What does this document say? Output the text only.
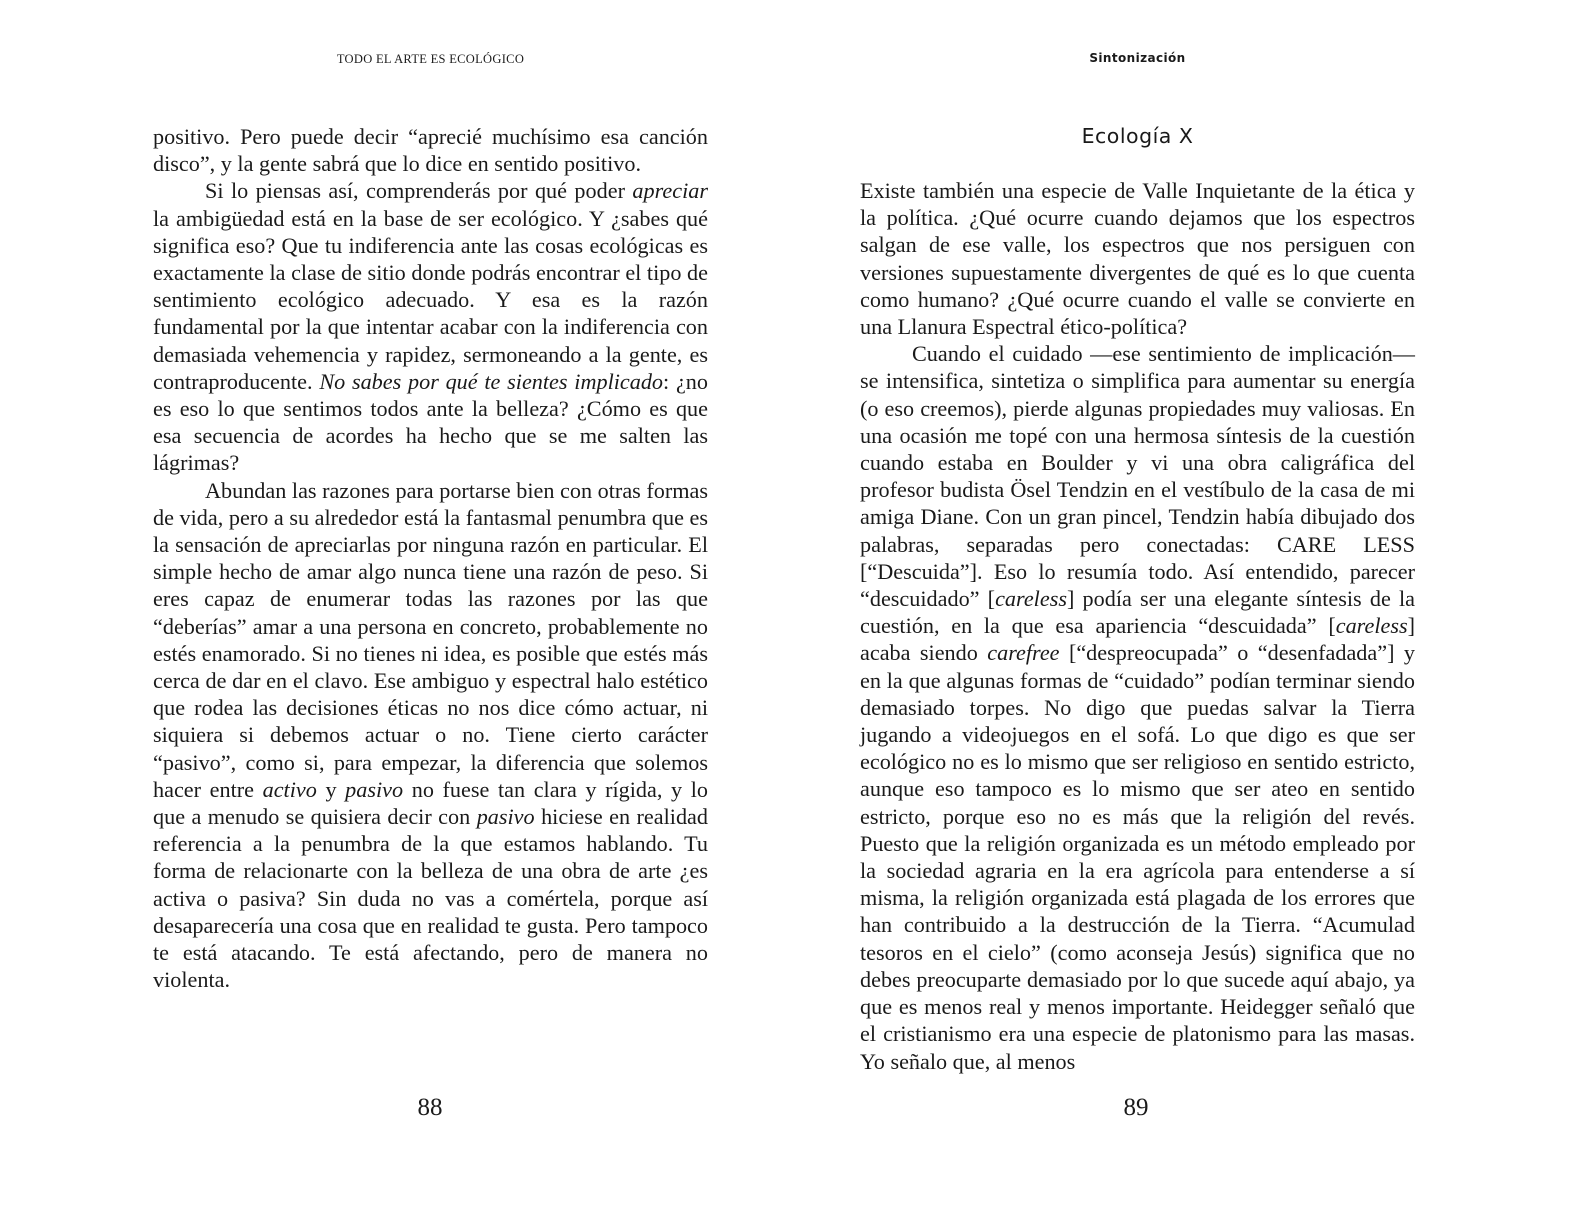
TODO EL ARTE ES ECOLÓGICO

positivo. Pero puede decir “aprecié muchísimo esa canción disco”, y la gente sabrá que lo dice en sentido positivo.

Si lo piensas así, comprenderás por qué poder apreciar la ambigüedad está en la base de ser ecológico. Y ¿sabes qué significa eso? Que tu indiferencia ante las cosas ecológicas es exactamente la clase de sitio donde podrás encontrar el tipo de sentimiento ecológico adecuado. Y esa es la razón fundamental por la que intentar acabar con la indiferencia con demasiada vehemencia y rapidez, sermoneando a la gente, es contraproducente. No sabes por qué te sientes implicado: ¿no es eso lo que sentimos todos ante la belleza? ¿Cómo es que esa secuencia de acordes ha hecho que se me salten las lágrimas?

Abundan las razones para portarse bien con otras formas de vida, pero a su alrededor está la fantasmal penumbra que es la sensación de apreciarlas por ninguna razón en particular. El simple hecho de amar algo nunca tiene una razón de peso. Si eres capaz de enumerar todas las razones por las que “deberías” amar a una persona en concreto, probablemente no estés enamorado. Si no tienes ni idea, es posible que estés más cerca de dar en el clavo. Ese ambiguo y espectral halo estético que rodea las decisiones éticas no nos dice cómo actuar, ni siquiera si debemos actuar o no. Tiene cierto carácter “pasivo”, como si, para empezar, la diferencia que solemos hacer entre activo y pasivo no fuese tan clara y rígida, y lo que a menudo se quisiera decir con pasivo hiciese en realidad referencia a la penumbra de la que estamos hablando. Tu forma de relacionarte con la belleza de una obra de arte ¿es activa o pasiva? Sin duda no vas a comértela, porque así desaparecería una cosa que en realidad te gusta. Pero tampoco te está atacando. Te está afectando, pero de manera no violenta.

88
Sintonización
Ecología X

Existe también una especie de Valle Inquietante de la ética y la política. ¿Qué ocurre cuando dejamos que los espectros salgan de ese valle, los espectros que nos persiguen con versiones supuestamente divergentes de qué es lo que cuenta como humano? ¿Qué ocurre cuando el valle se convierte en una Llanura Espectral ético-política?

Cuando el cuidado —ese sentimiento de implicación— se intensifica, sintetiza o simplifica para aumentar su energía (o eso creemos), pierde algunas propiedades muy valiosas. En una ocasión me topé con una hermosa síntesis de la cuestión cuando estaba en Boulder y vi una obra caligráfica del profesor budista Ösel Tendzin en el vestíbulo de la casa de mi amiga Diane. Con un gran pincel, Tendzin había dibujado dos palabras, separadas pero conectadas: CARE LESS [“Descuida”]. Eso lo resumía todo. Así entendido, parecer “descuidado” [careless] podía ser una elegante síntesis de la cuestión, en la que esa apariencia “descuidada” [careless] acaba siendo carefree [“despreocupada” o “desenfadada”] y en la que algunas formas de “cuidado” podían terminar siendo demasiado torpes. No digo que puedas salvar la Tierra jugando a videojuegos en el sofá. Lo que digo es que ser ecológico no es lo mismo que ser religioso en sentido estricto, aunque eso tampoco es lo mismo que ser ateo en sentido estricto, porque eso no es más que la religión del revés. Puesto que la religión organizada es un método empleado por la sociedad agraria en la era agrícola para entenderse a sí misma, la religión organizada está plagada de los errores que han contribuido a la destrucción de la Tierra. “Acumulad tesoros en el cielo” (como aconseja Jesús) significa que no debes preocuparte demasiado por lo que sucede aquí abajo, ya que es menos real y menos importante. Heidegger señaló que el cristianismo era una especie de platonismo para las masas. Yo señalo que, al menos

89
